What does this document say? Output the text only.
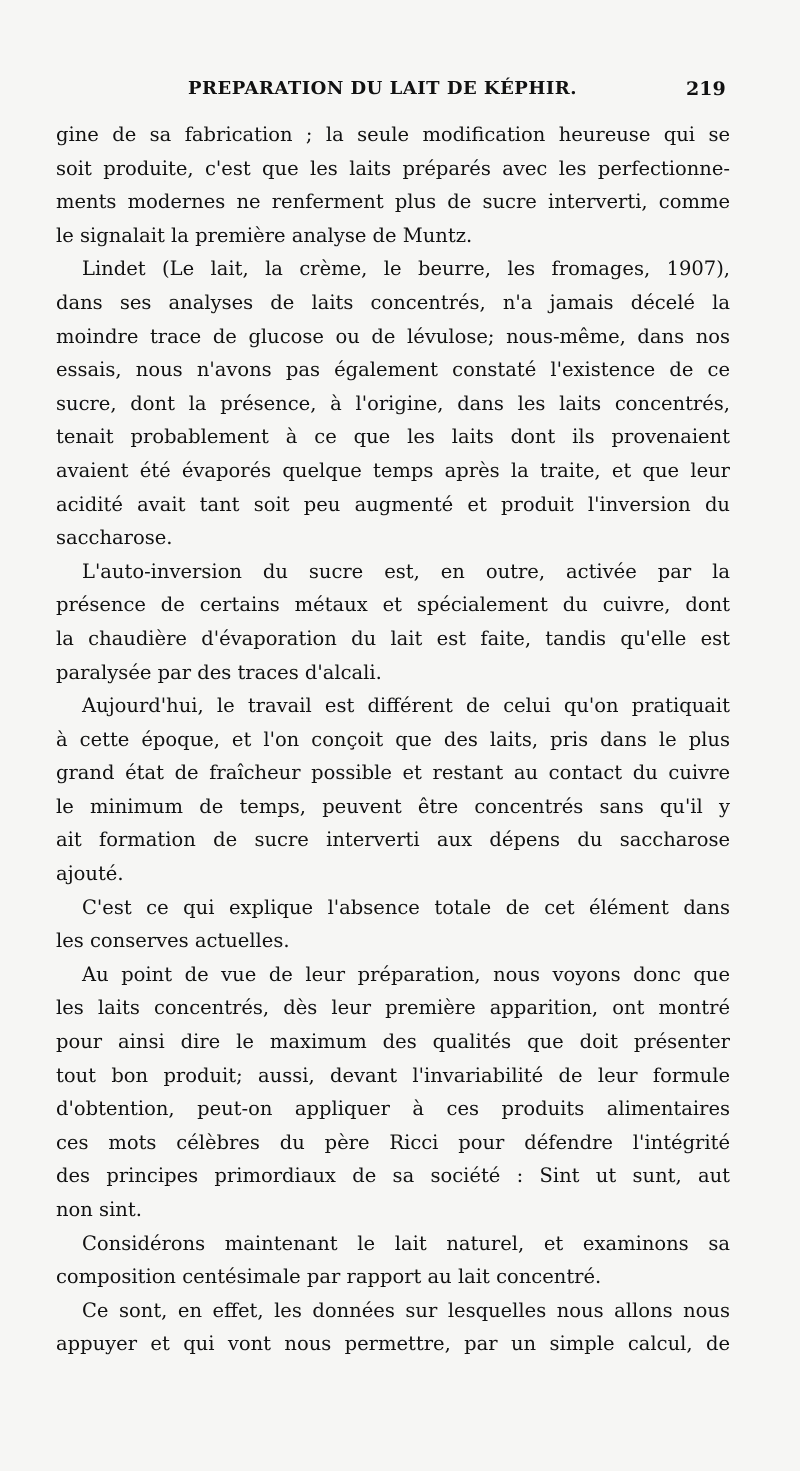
PREPARATION DU LAIT DE KÉPHIR.	219
gine de sa fabrication ; la seule modification heureuse qui se
soit produite, c'est que les laits préparés avec les perfectionne-
ments modernes ne renferment plus de sucre interverti, comme
le signalait la première analyse de Muntz.
Lindet (Le lait, la crème, le beurre, les fromages, 1907),
dans ses analyses de laits concentrés, n'a jamais décelé la
moindre trace de glucose ou de lévulose; nous-même, dans nos
essais, nous n'avons pas également constaté l'existence de ce
sucre, dont la présence, à l'origine, dans les laits concentrés,
tenait probablement à ce que les laits dont ils provenaient
avaient été évaporés quelque temps après la traite, et que leur
acidité avait tant soit peu augmenté et produit l'inversion du
saccharose.
L'auto-inversion du sucre est, en outre, activée par la
présence de certains métaux et spécialement du cuivre, dont
la chaudière d'évaporation du lait est faite, tandis qu'elle est
paralysée par des traces d'alcali.
Aujourd'hui, le travail est différent de celui qu'on pratiquait
à cette époque, et l'on conçoit que des laits, pris dans le plus
grand état de fraîcheur possible et restant au contact du cuivre
le minimum de temps, peuvent être concentrés sans qu'il y
ait formation de sucre interverti aux dépens du saccharose
ajouté.
C'est ce qui explique l'absence totale de cet élément dans
les conserves actuelles.
Au point de vue de leur préparation, nous voyons donc que
les laits concentrés, dès leur première apparition, ont montré
pour ainsi dire le maximum des qualités que doit présenter
tout bon produit; aussi, devant l'invariabilité de leur formule
d'obtention, peut-on appliquer à ces produits alimentaires
ces mots célèbres du père Ricci pour défendre l'intégrité
des principes primordiaux de sa société : Sint ut sunt, aut
non sint.
Considérons maintenant le lait naturel, et examinons sa
composition centésimale par rapport au lait concentré.
Ce sont, en effet, les données sur lesquelles nous allons nous
appuyer et qui vont nous permettre, par un simple calcul, de
